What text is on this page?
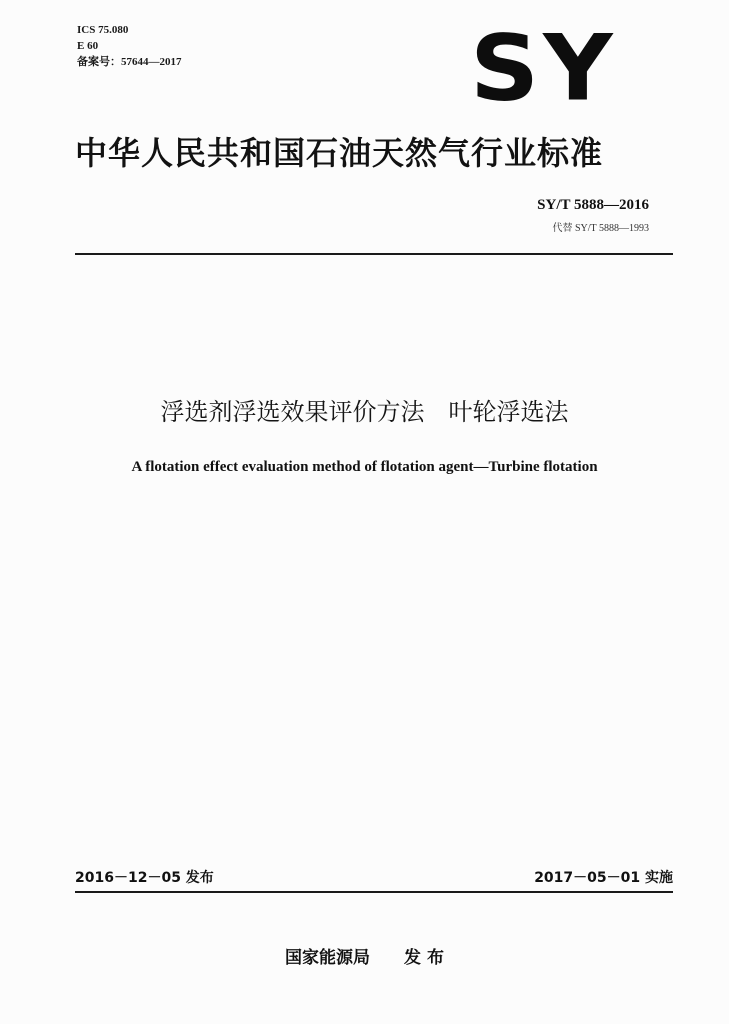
ICS 75.080
E 60
备案号：57644—2017	SY
中华人民共和国石油天然气行业标准
SY/T 5888—2016
代替 SY/T 5888—1993
浮选剂浮选效果评价方法　叶轮浮选法
A flotation effect evaluation method of flotation agent—Turbine flotation
2016－12－05 发布	2017－05－01 实施
国家能源局　　发 布
